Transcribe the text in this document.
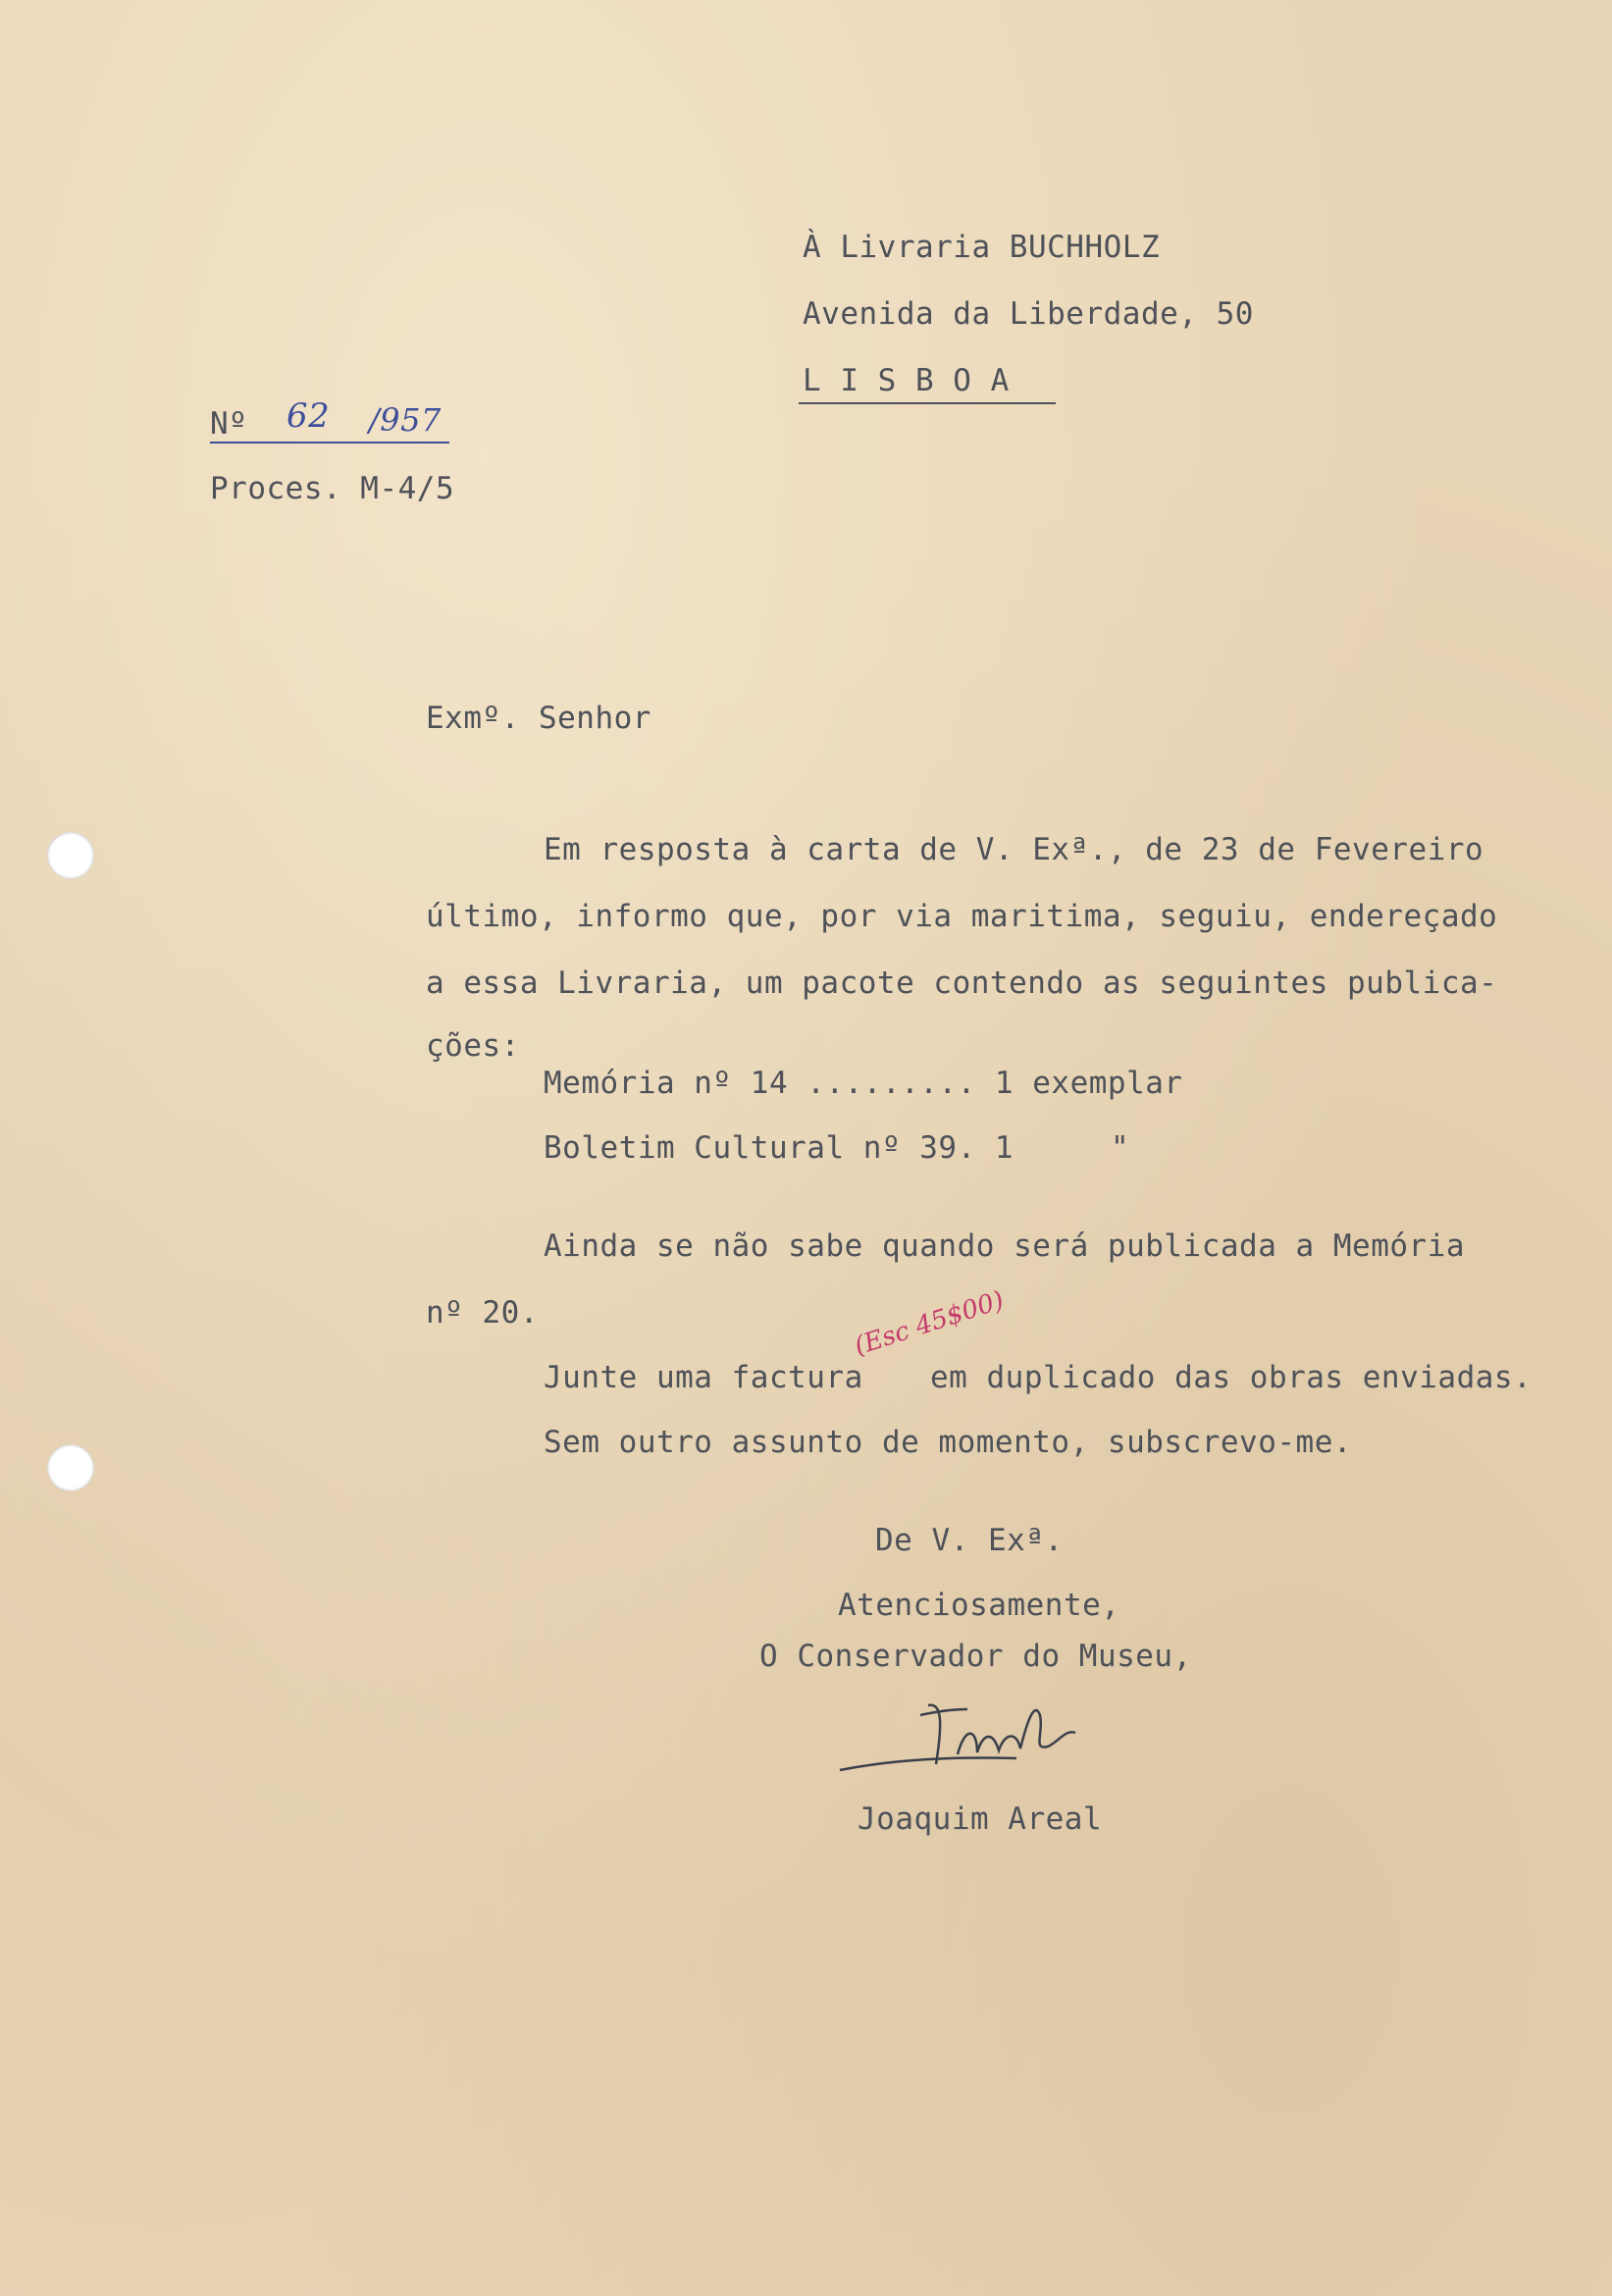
À Livraria BUCHHOLZ
Avenida da Liberdade, 50
L I S B O A
Nº 62 /957
Proces. M-4/5
Exmº. Senhor
Em resposta à carta de V. Exª., de 23 de Fevereiro
último, informo que, por via maritima, seguiu, endereçado
a essa Livraria, um pacote contendo as seguintes publica-
ções:
Memória nº 14 ......... 1 exemplar
Boletim Cultural nº 39. 1	"
Ainda se não sabe quando será publicada a Memória
nº 20.	(Esc 45$00)
Junte uma factura em duplicado das obras enviadas.
Sem outro assunto de momento, subscrevo-me.
De V. Exª.
Atenciosamente,
O Conservador do Museu,
Joaquim Areal
